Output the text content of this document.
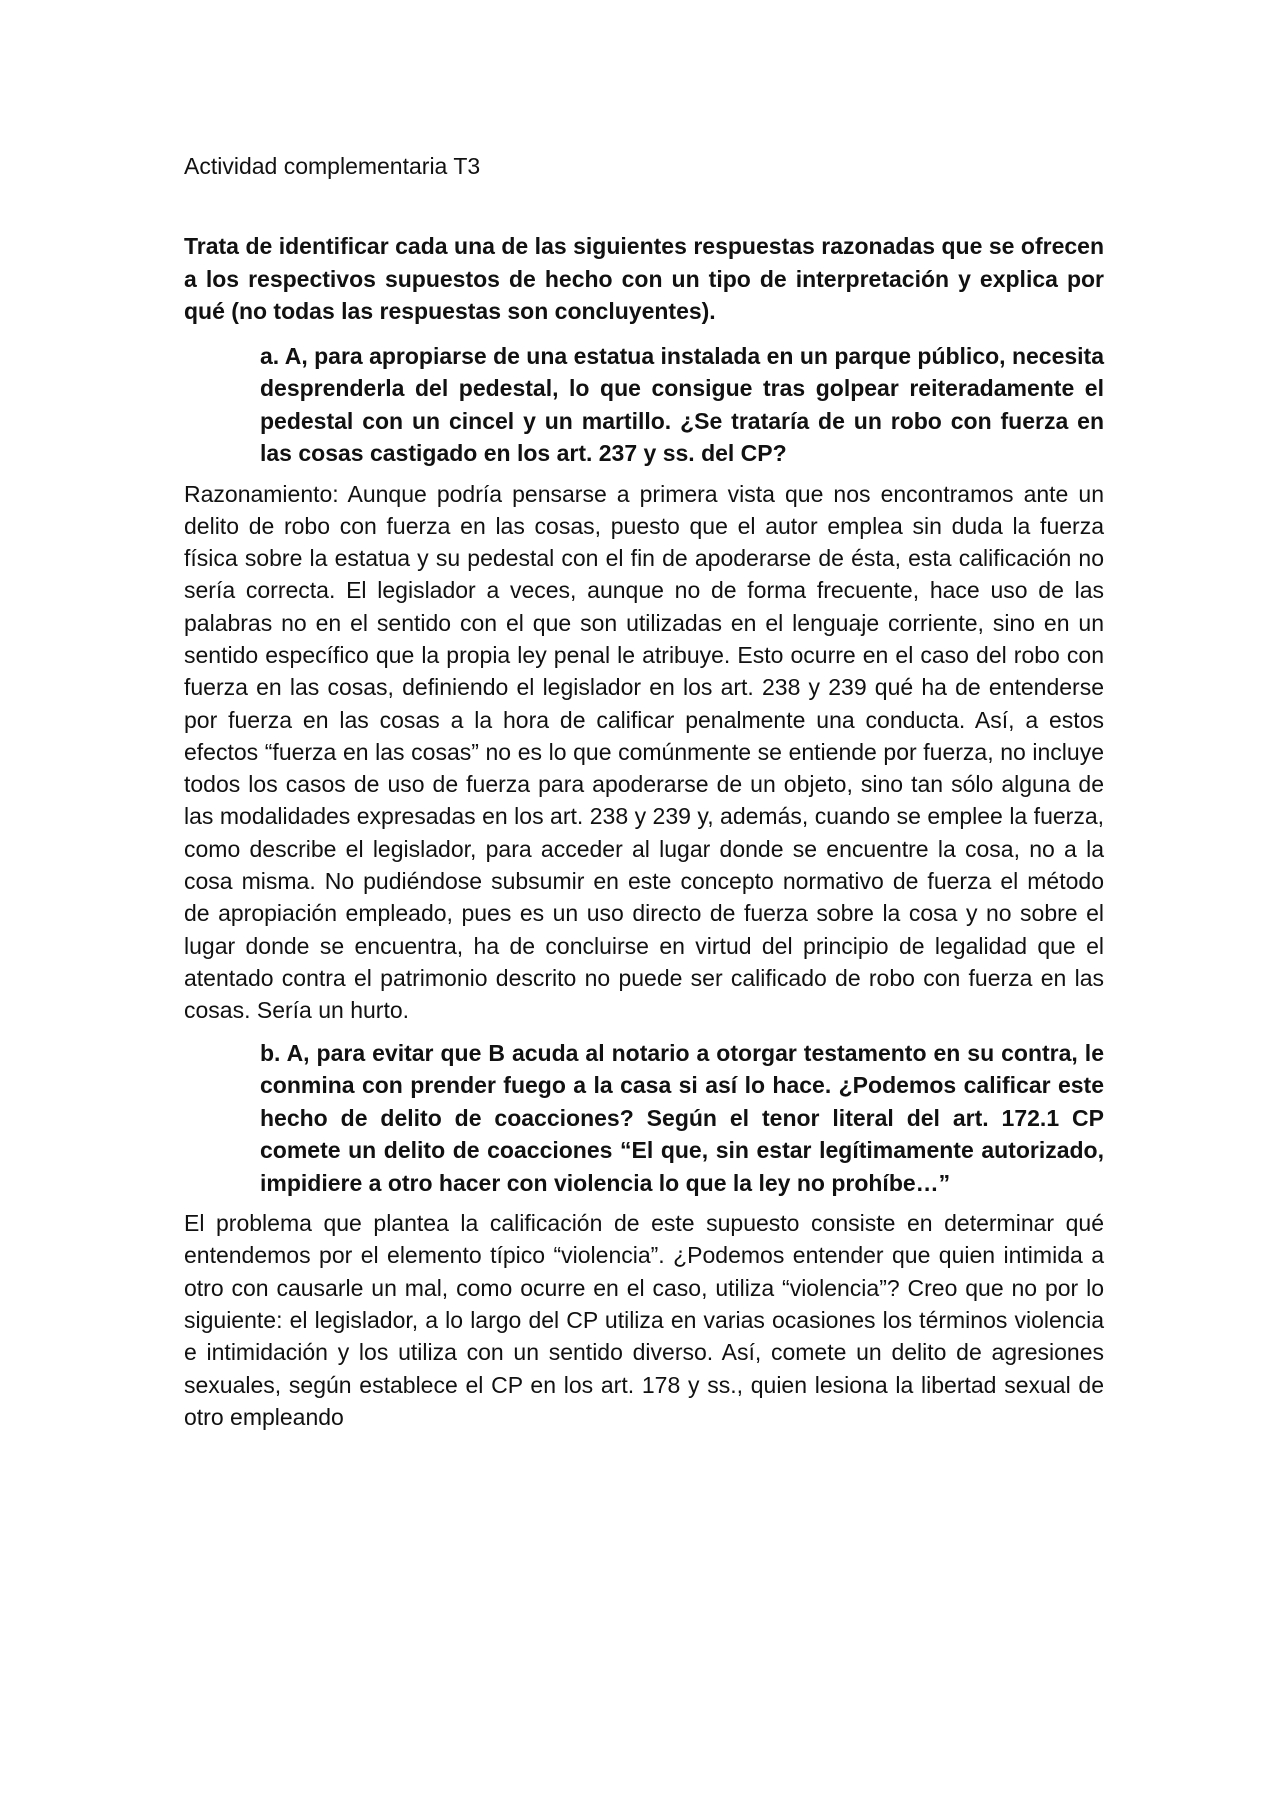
Actividad complementaria T3

Trata de identificar cada una de las siguientes respuestas razonadas que se ofrecen a los respectivos supuestos de hecho con un tipo de interpretación y explica por qué (no todas las respuestas son concluyentes).

a. A, para apropiarse de una estatua instalada en un parque público, necesita desprenderla del pedestal, lo que consigue tras golpear reiteradamente el pedestal con un cincel y un martillo. ¿Se trataría de un robo con fuerza en las cosas castigado en los art. 237 y ss. del CP?

Razonamiento: Aunque podría pensarse a primera vista que nos encontramos ante un delito de robo con fuerza en las cosas, puesto que el autor emplea sin duda la fuerza física sobre la estatua y su pedestal con el fin de apoderarse de ésta, esta calificación no sería correcta. El legislador a veces, aunque no de forma frecuente, hace uso de las palabras no en el sentido con el que son utilizadas en el lenguaje corriente, sino en un sentido específico que la propia ley penal le atribuye. Esto ocurre en el caso del robo con fuerza en las cosas, definiendo el legislador en los art. 238 y 239 qué ha de entenderse por fuerza en las cosas a la hora de calificar penalmente una conducta. Así, a estos efectos “fuerza en las cosas” no es lo que comúnmente se entiende por fuerza, no incluye todos los casos de uso de fuerza para apoderarse de un objeto, sino tan sólo alguna de las modalidades expresadas en los art. 238 y 239 y, además, cuando se emplee la fuerza, como describe el legislador, para acceder al lugar donde se encuentre la cosa, no a la cosa misma. No pudiéndose subsumir en este concepto normativo de fuerza el método de apropiación empleado, pues es un uso directo de fuerza sobre la cosa y no sobre el lugar donde se encuentra, ha de concluirse en virtud del principio de legalidad que el atentado contra el patrimonio descrito no puede ser calificado de robo con fuerza en las cosas. Sería un hurto.

b. A, para evitar que B acuda al notario a otorgar testamento en su contra, le conmina con prender fuego a la casa si así lo hace. ¿Podemos calificar este hecho de delito de coacciones? Según el tenor literal del art. 172.1 CP comete un delito de coacciones “El que, sin estar legítimamente autorizado, impidiere a otro hacer con violencia lo que la ley no prohíbe…”

El problema que plantea la calificación de este supuesto consiste en determinar qué entendemos por el elemento típico “violencia”. ¿Podemos entender que quien intimida a otro con causarle un mal, como ocurre en el caso, utiliza “violencia”? Creo que no por lo siguiente: el legislador, a lo largo del CP utiliza en varias ocasiones los términos violencia e intimidación y los utiliza con un sentido diverso. Así, comete un delito de agresiones sexuales, según establece el CP en los art. 178 y ss., quien lesiona la libertad sexual de otro empleando
